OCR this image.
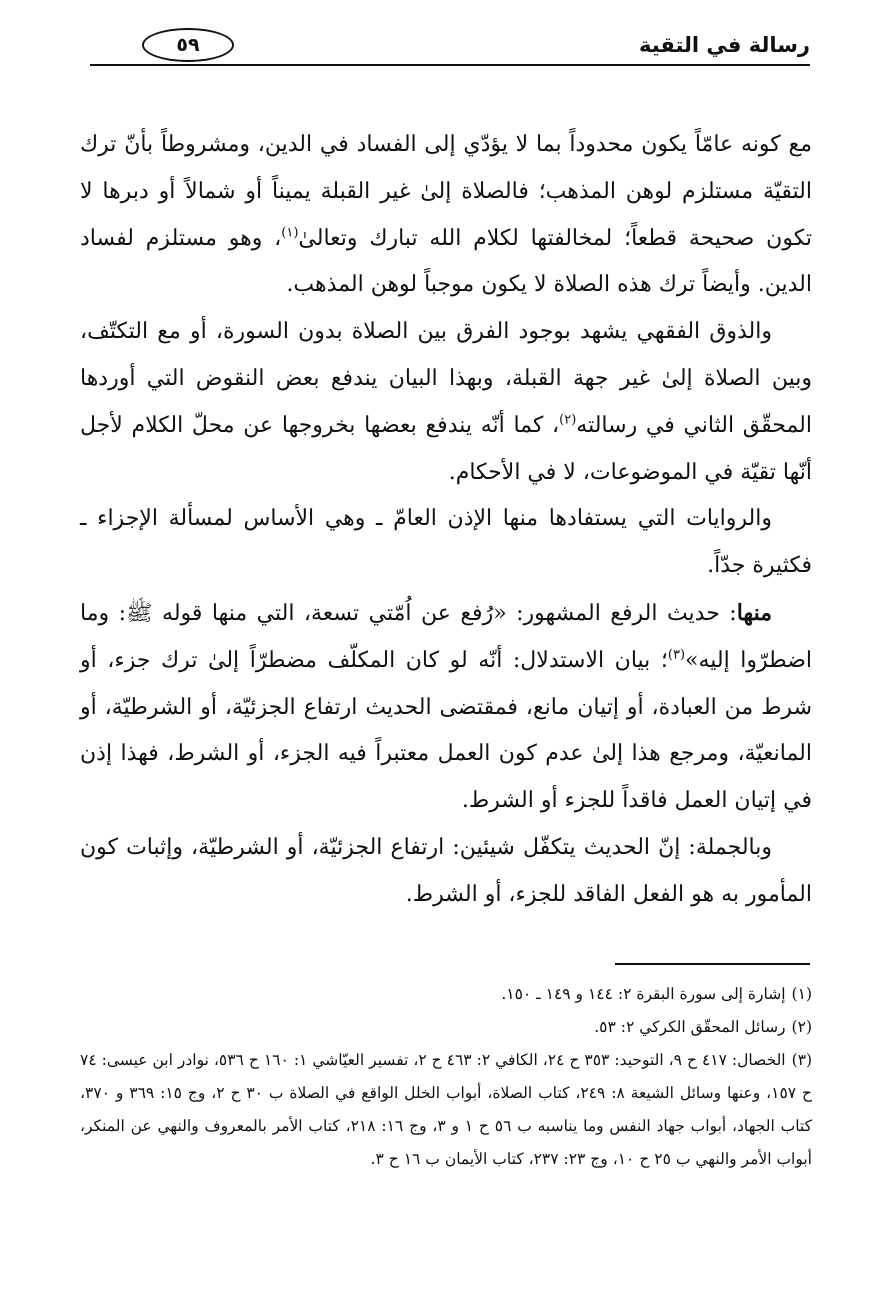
رسالة في التقية
٥٩

مع كونه عامّاً يكون محدوداً بما لا يؤدّي إلى الفساد في الدين، ومشروطاً بأنّ ترك التقيّة مستلزم لوهن المذهب؛ فالصلاة إلىٰ غير القبلة يميناً أو شمالاً أو دبرها لا تكون صحيحة قطعاً؛ لمخالفتها لكلام الله تبارك وتعالىٰ$^{(١)}$، وهو مستلزم لفساد الدين. وأيضاً ترك هذه الصلاة لا يكون موجباً لوهن المذهب.

والذوق الفقهي يشهد بوجود الفرق بين الصلاة بدون السورة، أو مع التكتّف، وبين الصلاة إلىٰ غير جهة القبلة، وبهذا البيان يندفع بعض النقوض التي أوردها المحقّق الثاني في رسالته$^{(٢)}$، كما أنّه يندفع بعضها بخروجها عن محلّ الكلام لأجل أنّها تقيّة في الموضوعات، لا في الأحكام.

والروايات التي يستفادها منها الإذن العامّ ـ وهي الأساس لمسألة الإجزاء ـ فكثيرة جدّاً.

منها: حديث الرفع المشهور: «رُفع عن اُمّتي تسعة، التي منها قوله ﷺ: وما اضطرّوا إليه»$^{(٣)}$؛ بيان الاستدلال: أنّه لو كان المكلّف مضطرّاً إلىٰ ترك جزء، أو شرط من العبادة، أو إتيان مانع، فمقتضى الحديث ارتفاع الجزئيّة، أو الشرطيّة، أو المانعيّة، ومرجع هذا إلىٰ عدم كون العمل معتبراً فيه الجزء، أو الشرط، فهذا إذن في إتيان العمل فاقداً للجزء أو الشرط.

وبالجملة: إنّ الحديث يتكفّل شيئين: ارتفاع الجزئيّة، أو الشرطيّة، وإثبات كون المأمور به هو الفعل الفاقد للجزء، أو الشرط.

(١)إشارة إلى سورة البقرة ٢: ١٤٤ و ١٤٩ ـ ١٥٠.

(٢)رسائل المحقّق الكركي ٢: ٥٣.

(٣)الخصال: ٤١٧ ح ٩، التوحيد: ٣٥٣ ح ٢٤، الكافي ٢: ٤٦٣ ح ٢، تفسير العيّاشي ١: ١٦٠ ح ٥٣٦، نوادر ابن عيسى: ٧٤ ح ١٥٧، وعنها وسائل الشيعة ٨: ٢٤٩، كتاب الصلاة، أبواب الخلل الواقع في الصلاة ب ٣٠ ح ٢، وج ١٥: ٣٦٩ و ٣٧٠، كتاب الجهاد، أبواب جهاد النفس وما يناسبه ب ٥٦ ح ١ و ٣، وج ١٦: ٢١٨، كتاب الأمر بالمعروف والنهي عن المنكر، أبواب الأمر والنهي ب ٢٥ ح ١٠، وج ٢٣: ٢٣٧، كتاب الأيمان ب ١٦ ح ٣.
